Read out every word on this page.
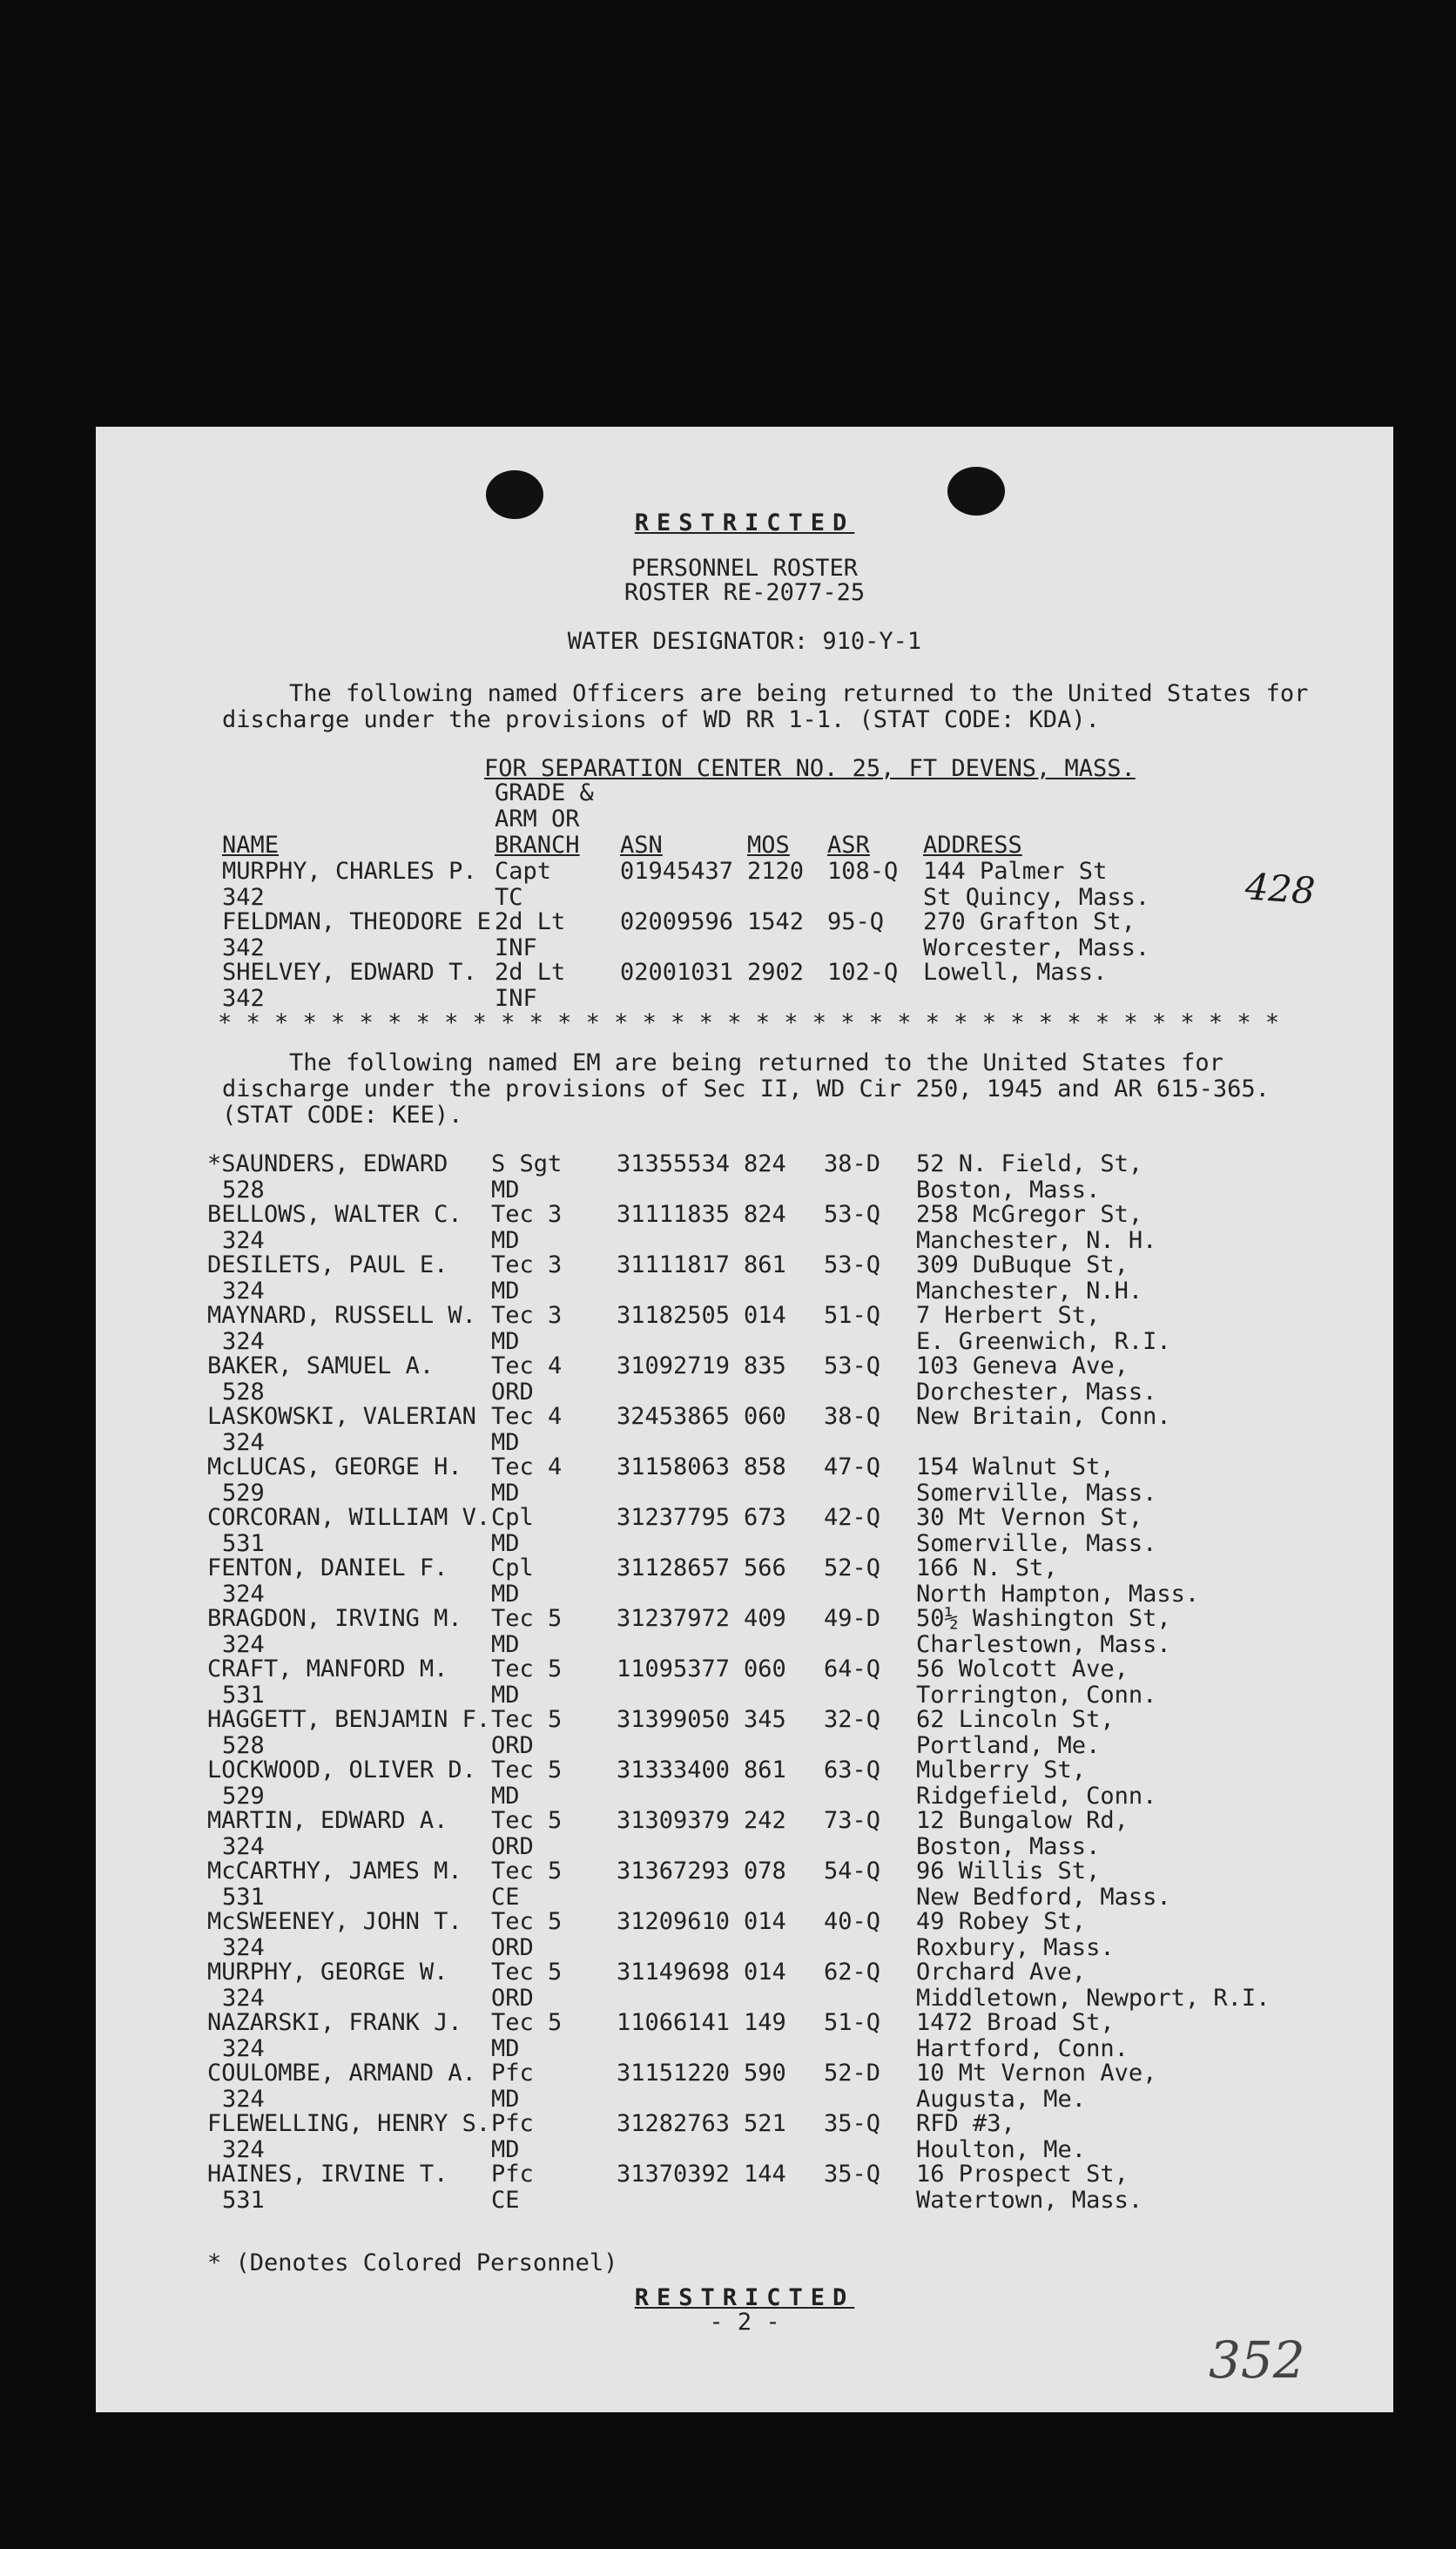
RESTRICTED
PERSONNEL ROSTER
ROSTER RE-2077-25
WATER DESIGNATOR: 910-Y-1
The following named Officers are being returned to the United States for
discharge under the provisions of WD RR 1-1. (STAT CODE: KDA).
FOR SEPARATION CENTER NO. 25, FT DEVENS, MASS.
NAME
GRADE &
ARM OR
BRANCH ASN	MOS ASR ADDRESS
MURPHY, CHARLES P.
342
Capt
TC
01945437 2120 108-Q 144 Palmer St
St Quincy, Mass.
FELDMAN, THEODORE E.
342
2d Lt
INF
02009596 1542 95-Q 270 Grafton St,
Worcester, Mass.
SHELVEY, EDWARD T.
342
2d Lt
INF
02001031 2902 102-Q Lowell, Mass.
* * * * * * * * * * * * * * * * * * * * * * * * * * * * * * * * * * * * * *
The following named EM are being returned to the United States for
discharge under the provisions of Sec II, WD Cir 250, 1945 and AR 615-365.
(STAT CODE: KEE).
*SAUNDERS, EDWARD
528
S Sgt
MD
31355534 824 38-D 52 N. Field, St,
Boston, Mass.
BELLOWS, WALTER C.
324
Tec 3
MD
31111835 824 53-Q 258 McGregor St,
Manchester, N. H.
DESILETS, PAUL E.
324
Tec 3
MD
31111817 861 53-Q 309 DuBuque St,
Manchester, N.H.
MAYNARD, RUSSELL W.
324
Tec 3
MD
31182505 014 51-Q 7 Herbert St,
E. Greenwich, R.I.
BAKER, SAMUEL A.
528
Tec 4
ORD
31092719 835 53-Q 103 Geneva Ave,
Dorchester, Mass.
LASKOWSKI, VALERIAN
324
Tec 4
MD
32453865 060 38-Q New Britain, Conn.
McLUCAS, GEORGE H.
529
Tec 4
MD
31158063 858 47-Q 154 Walnut St,
Somerville, Mass.
CORCORAN, WILLIAM V.
531
Cpl
MD
31237795 673 42-Q 30 Mt Vernon St,
Somerville, Mass.
FENTON, DANIEL F.
324
Cpl
MD
31128657 566 52-Q 166 N. St,
North Hampton, Mass.
BRAGDON, IRVING M.
324
Tec 5
MD
31237972 409 49-D 50½ Washington St,
Charlestown, Mass.
CRAFT, MANFORD M.
531
Tec 5
MD
11095377 060 64-Q 56 Wolcott Ave,
Torrington, Conn.
HAGGETT, BENJAMIN F.
528
Tec 5
ORD
31399050 345 32-Q 62 Lincoln St,
Portland, Me.
LOCKWOOD, OLIVER D.
529
Tec 5
MD
31333400 861 63-Q Mulberry St,
Ridgefield, Conn.
MARTIN, EDWARD A.
324
Tec 5
ORD
31309379 242 73-Q 12 Bungalow Rd,
Boston, Mass.
McCARTHY, JAMES M.
531
Tec 5
CE
31367293 078 54-Q 96 Willis St,
New Bedford, Mass.
McSWEENEY, JOHN T.
324
Tec 5
ORD
31209610 014 40-Q 49 Robey St,
Roxbury, Mass.
MURPHY, GEORGE W.
324
Tec 5
ORD
31149698 014 62-Q Orchard Ave,
Middletown, Newport, R.I.
NAZARSKI, FRANK J.
324
Tec 5
MD
11066141 149 51-Q 1472 Broad St,
Hartford, Conn.
COULOMBE, ARMAND A.
324
Pfc
MD
31151220 590 52-D 10 Mt Vernon Ave,
Augusta, Me.
FLEWELLING, HENRY S.
324
Pfc
MD
31282763 521 35-Q RFD #3,
Houlton, Me.
HAINES, IRVINE T.
531
Pfc
CE
31370392 144 35-Q 16 Prospect St,
Watertown, Mass.
* (Denotes Colored Personnel)
RESTRICTED
- 2 -
428
352
